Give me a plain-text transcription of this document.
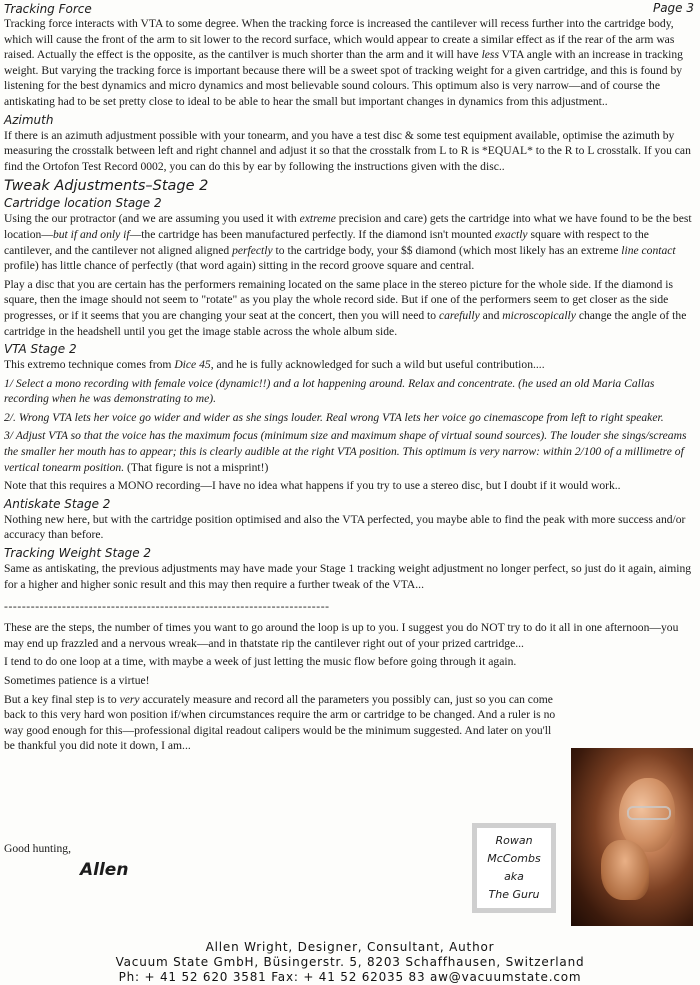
Tracking Force	Page 3

Tracking force interacts with VTA to some degree. When the tracking force is increased the cantilever will recess further into the cartridge body, which will cause the front of the arm to sit lower to the record surface, which would appear to create a similar effect as if the rear of the arm was raised. Actually the effect is the opposite, as the cantilver is much shorter than the arm and it will have less VTA angle with an increase in tracking weight. But varying the tracking force is important because there will be a sweet spot of tracking weight for a given cartridge, and this is found by listening for the best dynamics and micro dynamics and most believable sound colours. This optimum also is very narrow—and of course the antiskating had to be set pretty close to ideal to be able to hear the small but important changes in dynamics from this adjustment..

Azimuth

If there is an azimuth adjustment possible with your tonearm, and you have a test disc & some test equipment available, optimise the azimuth by measuring the crosstalk between left and right channel and adjust it so that the crosstalk from L to R is *EQUAL* to the R to L crosstalk. If you can find the Ortofon Test Record 0002, you can do this by ear by following the instructions given with the disc..

Tweak Adjustments–Stage 2
Cartridge location Stage 2

Using the our protractor (and we are assuming you used it with extreme precision and care) gets the cartridge into what we have found to be the best location—but if and only if—the cartridge has been manufactured perfectly. If the diamond isn't mounted exactly square with respect to the cantilever, and the cantilever not aligned aligned perfectly to the cartridge body, your $$ diamond (which most likely has an extreme line contact profile) has little chance of perfectly (that word again) sitting in the record groove square and central.

Play a disc that you are certain has the performers remaining located on the same place in the stereo picture for the whole side. If the diamond is square, then the image should not seem to "rotate" as you play the whole record side. But if one of the performers seem to get closer as the side progresses, or if it seems that you are changing your seat at the concert, then you will need to carefully and microscopically change the angle of the cartridge in the headshell until you get the image stable across the whole album side.

VTA Stage 2

This extremo technique comes from Dice 45, and he is fully acknowledged for such a wild but useful contribution....

1/ Select a mono recording with female voice (dynamic!!) and a lot happening around. Relax and concentrate. (he used an old Maria Callas recording when he was demonstrating to me).

2/. Wrong VTA lets her voice go wider and wider as she sings louder. Real wrong VTA lets her voice go cinemascope from left to right speaker.

3/ Adjust VTA so that the voice has the maximum focus (minimum size and maximum shape of virtual sound sources). The louder she sings/screams the smaller her mouth has to appear; this is clearly audible at the right VTA position. This optimum is very narrow: within 2/100 of a millimetre of vertical tonearm position. (That figure is not a misprint!)

Note that this requires a MONO recording—I have no idea what happens if you try to use a stereo disc, but I doubt if it would work..

Antiskate Stage 2

Nothing new here, but with the cartridge position optimised and also the VTA perfected, you maybe able to find the peak with more success and/or accuracy than before.

Tracking Weight Stage 2

Same as antiskating, the previous adjustments may have made your Stage 1 tracking weight adjustment no longer perfect, so just do it again, aiming for a higher and higher sonic result and this may then require a further tweak of the VTA...

-------------------------------------------------------------------------

These are the steps, the number of times you want to go around the loop is up to you. I suggest you do NOT try to do it all in one afternoon—you may end up frazzled and a nervous wreak—and in thatstate rip the cantilever right out of your prized cartridge...

I tend to do one loop at a time, with maybe a week of just letting the music flow before going through it again.

Sometimes patience is a virtue!

But a key final step is to very accurately measure and record all the parameters you possibly can, just so you can come back to this very hard won position if/when circumstances require the arm or cartridge to be changed. And a ruler is no way good enough for this—professional digital readout calipers would be the minimum suggested. And later on you'll be thankful you did note it down, I am...

Good hunting,
Allen
Rowan
McCombs
aka
The Guru
Allen Wright, Designer, Consultant, Author
Vacuum State GmbH, Büsingerstr. 5, 8203 Schaffhausen, Switzerland
Ph: + 41 52 620 3581 Fax: + 41 52 62035 83 aw@vacuumstate.com
